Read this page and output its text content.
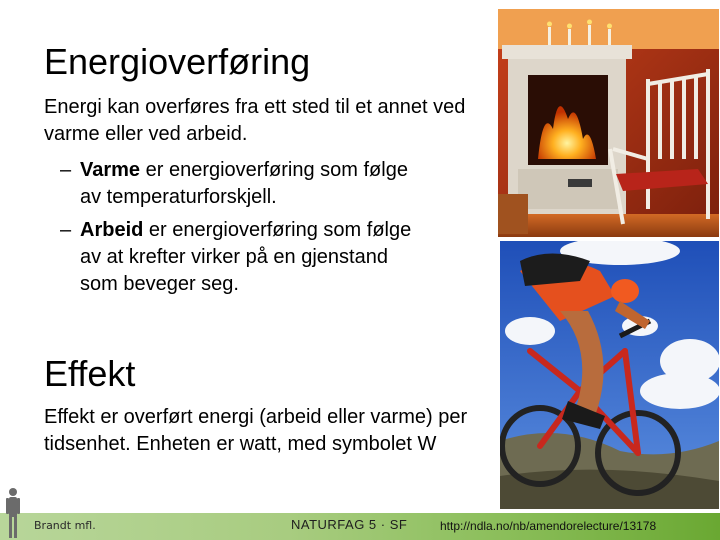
Energioverføring

Energi kan overføres fra ett sted til et annet ved varme eller ved arbeid.

– Varme er energioverføring som følge av temperaturforskjell.
– Arbeid er energioverføring som følge av at krefter virker på en gjenstand som beveger seg.
Effekt

Effekt er overført energi (arbeid eller varme) per tidsenhet. Enheten er watt, med symbolet W

Brandt mfl.	NATURFAG 5 · SF	http://ndla.no/nb/amendorelecture/13178
